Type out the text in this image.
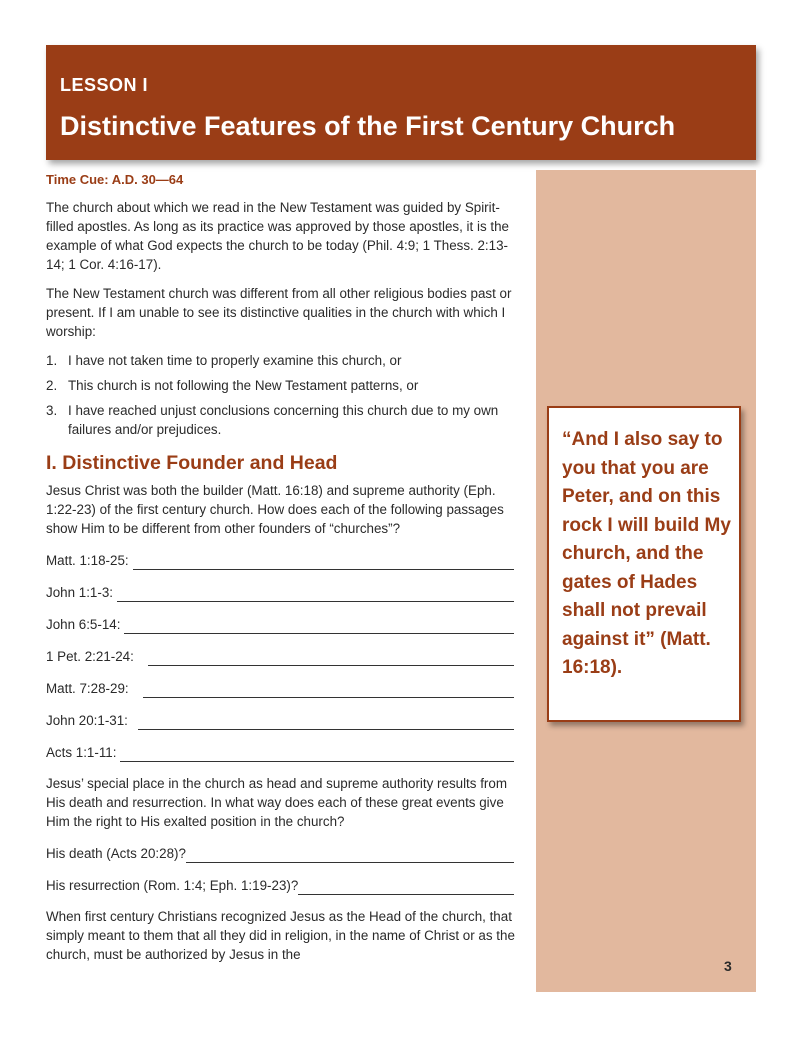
LESSON I
Distinctive Features of the First Century Church
“And I also say to you that you are Peter, and on this rock I will build My church, and the gates of Hades shall not prevail against it” (Matt. 16:18).
3

Time Cue: A.D. 30—64

The church about which we read in the New Testament was guided by Spirit-filled apostles. As long as its practice was approved by those apostles, it is the example of what God expects the church to be today (Phil. 4:9; 1 Thess. 2:13-14; 1 Cor. 4:16-17).

The New Testament church was different from all other religious bodies past or present. If I am unable to see its distinctive qualities in the church with which I worship:

1. I have not taken time to properly examine this church, or
2. This church is not following the New Testament patterns, or
3. I have reached unjust conclusions concerning this church due to my own failures and/or prejudices.

I. Distinctive Founder and Head

Jesus Christ was both the builder (Matt. 16:18) and supreme authority (Eph. 1:22-23) of the first century church. How does each of the following passages show Him to be different from other founders of “churches”?

Matt. 1:18-25:
John 1:1-3:
John 6:5-14:
1 Pet. 2:21-24:
Matt. 7:28-29:
John 20:1-31:
Acts 1:1-11:

Jesus’ special place in the church as head and supreme authority results from His death and resurrection. In what way does each of these great events give Him the right to His exalted position in the church?

His death (Acts 20:28)?
His resurrection (Rom. 1:4; Eph. 1:19-23)?

When first century Christians recognized Jesus as the Head of the church, that simply meant to them that all they did in religion, in the name of Christ or as the church, must be authorized by Jesus in the
